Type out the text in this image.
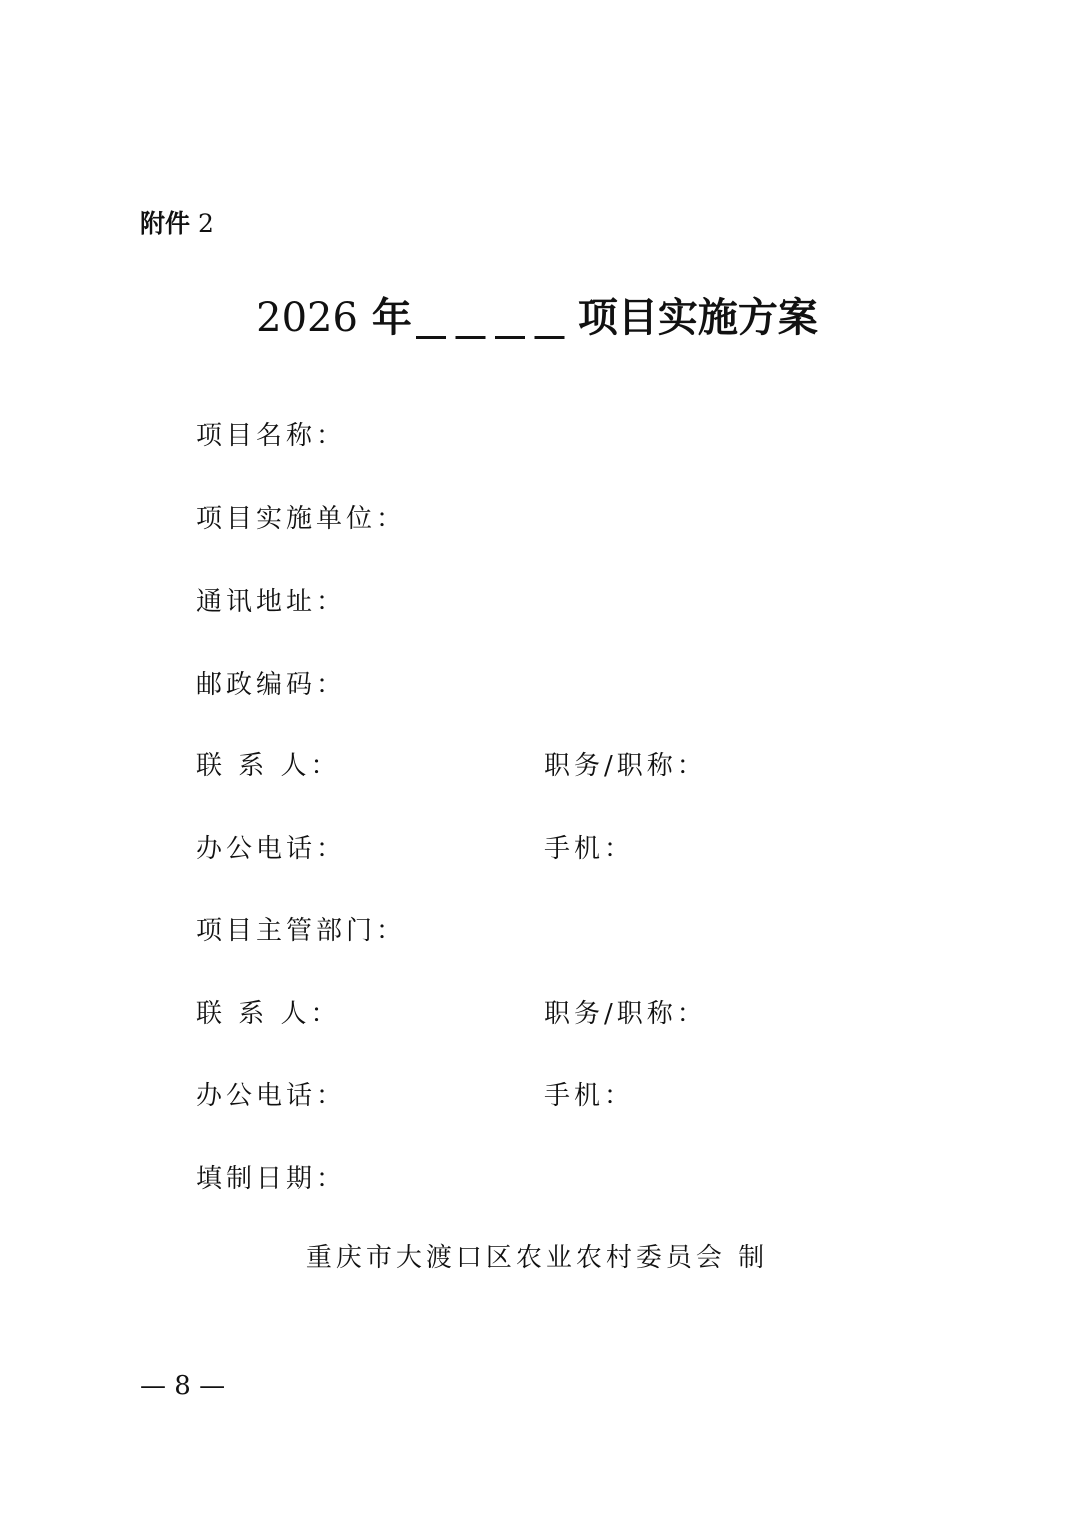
附件 2
2026 年	项目实施方案
项目名称：
项目实施单位：
通讯地址：
邮政编码：
联 系 人：	职务/职称：
办公电话：	手机：
项目主管部门：
联 系 人：	职务/职称：
办公电话：	手机：
填制日期：
重庆市大渡口区农业农村委员会 制
— 8 —
